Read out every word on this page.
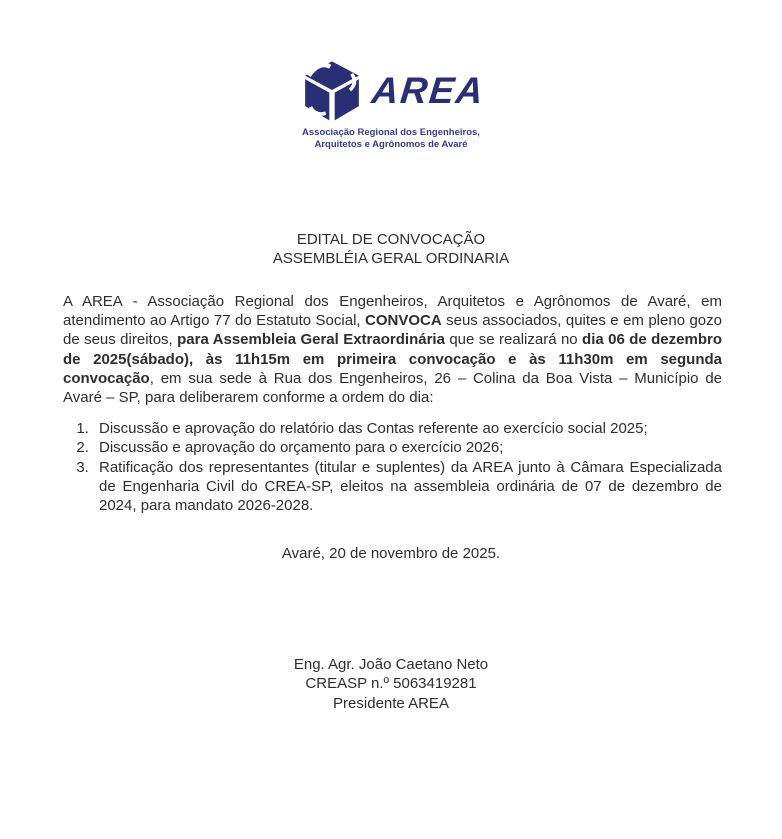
AREA
Associação Regional dos Engenheiros,
Arquitetos e Agrônomos de Avaré
EDITAL DE CONVOCAÇÃO
ASSEMBLÉIA GERAL ORDINARIA

A AREA - Associação Regional dos Engenheiros, Arquitetos e Agrônomos de Avaré, em atendimento ao Artigo 77 do Estatuto Social, CONVOCA seus associados, quites e em pleno gozo de seus direitos, para Assembleia Geral Extraordinária que se realizará no dia 06 de dezembro de 2025(sábado), às 11h15m em primeira convocação e às 11h30m em segunda convocação, em sua sede à Rua dos Engenheiros, 26 – Colina da Boa Vista – Município de Avaré – SP, para deliberarem conforme a ordem do dia:

1. Discussão e aprovação do relatório das Contas referente ao exercício social 2025;
2. Discussão e aprovação do orçamento para o exercício 2026;
3. Ratificação dos representantes (titular e suplentes) da AREA junto à Câmara Especializada de Engenharia Civil do CREA-SP, eleitos na assembleia ordinária de 07 de dezembro de 2024, para mandato 2026-2028.

Avaré, 20 de novembro de 2025.

Eng. Agr. João Caetano Neto
CREASP n.º 5063419281
Presidente AREA
